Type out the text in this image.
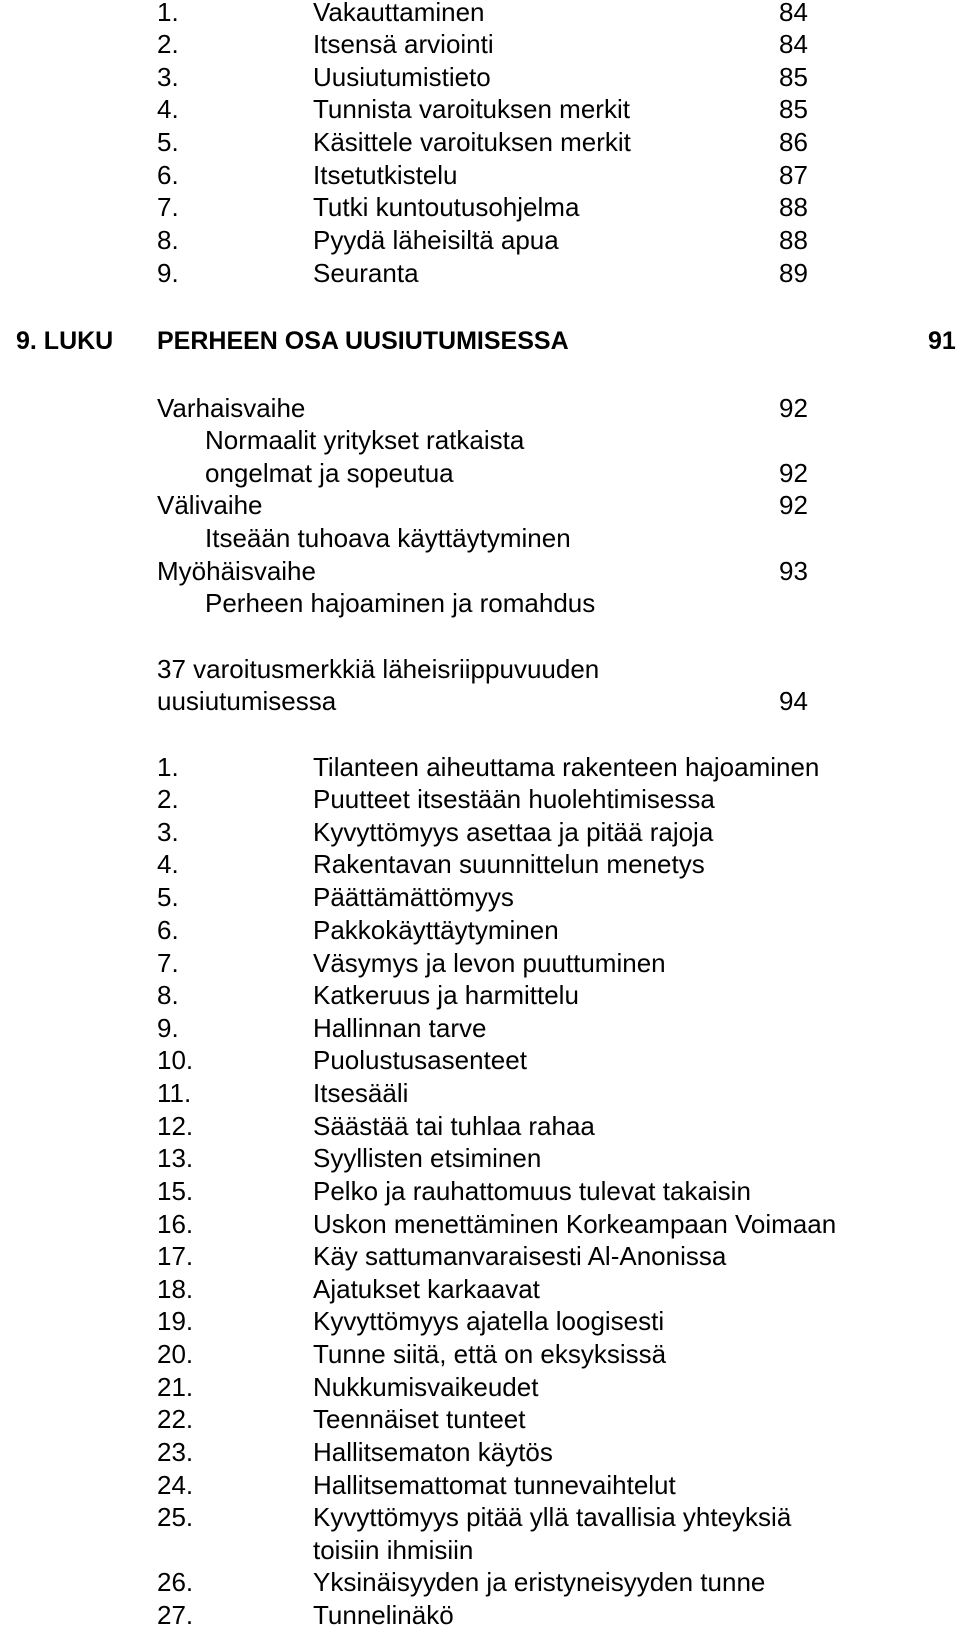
1.	Vakauttaminen	84
2.	Itsensä arviointi	84
3.	Uusiutumistieto	85
4.	Tunnista varoituksen merkit	85
5.	Käsittele varoituksen merkit	86
6.	Itsetutkistelu	87
7.	Tutki kuntoutusohjelma	88
8.	Pyydä läheisiltä apua	88
9.	Seuranta	89
9. LUKU PERHEEN OSA UUSIUTUMISESSA	91
Varhaisvaihe	92
Normaalit yritykset ratkaista
ongelmat ja sopeutua	92
Välivaihe	92
Itseään tuhoava käyttäytyminen
Myöhäisvaihe	93
Perheen hajoaminen ja romahdus
37 varoitusmerkkiä läheisriippuvuuden
uusiutumisessa	94
1.	Tilanteen aiheuttama rakenteen hajoaminen
2.	Puutteet itsestään huolehtimisessa
3.	Kyvyttömyys asettaa ja pitää rajoja
4.	Rakentavan suunnittelun menetys
5.	Päättämättömyys
6.	Pakkokäyttäytyminen
7.	Väsymys ja levon puuttuminen
8.	Katkeruus ja harmittelu
9.	Hallinnan tarve
10.	Puolustusasenteet
11.	Itsesääli
12.	Säästää tai tuhlaa rahaa
13.	Syyllisten etsiminen
15.	Pelko ja rauhattomuus tulevat takaisin
16.	Uskon menettäminen Korkeampaan Voimaan
17.	Käy sattumanvaraisesti Al-Anonissa
18.	Ajatukset karkaavat
19.	Kyvyttömyys ajatella loogisesti
20.	Tunne siitä, että on eksyksissä
21.	Nukkumisvaikeudet
22.	Teennäiset tunteet
23.	Hallitsematon käytös
24.	Hallitsemattomat tunnevaihtelut
25.	Kyvyttömyys pitää yllä tavallisia yhteyksiä
toisiin ihmisiin
26.	Yksinäisyyden ja eristyneisyyden tunne
27.	Tunnelinäkö
